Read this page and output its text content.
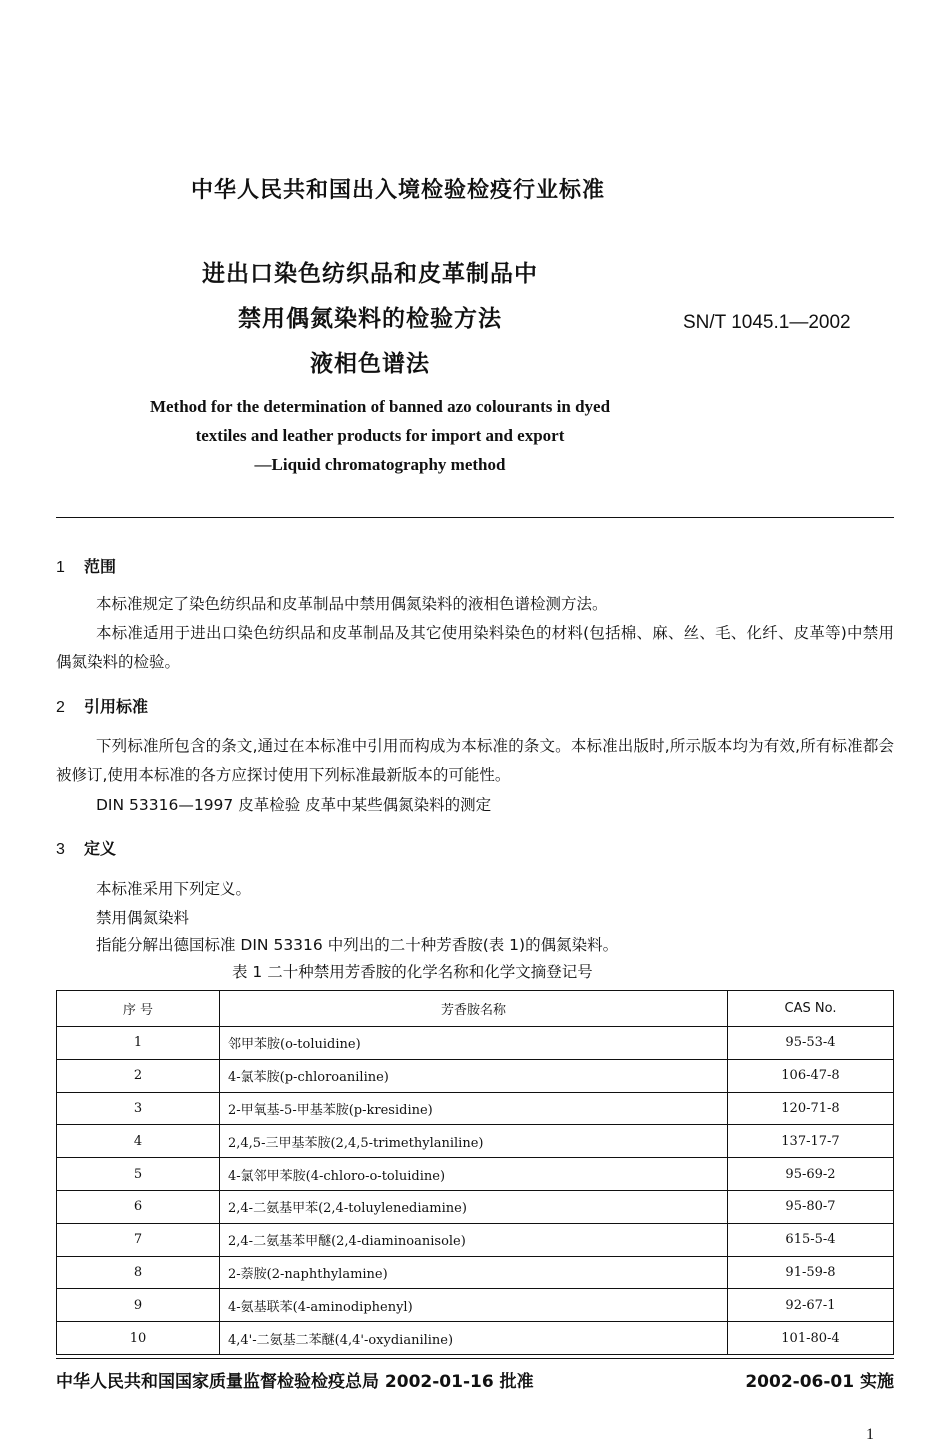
中华人民共和国出入境检验检疫行业标准
进出口染色纺织品和皮革制品中
禁用偶氮染料的检验方法
液相色谱法
SN/T 1045.1—2002
Method for the determination of banned azo colourants in dyed
textiles and leather products for import and export
—Liquid chromatography method
1 范围
本标准规定了染色纺织品和皮革制品中禁用偶氮染料的液相色谱检测方法。
本标准适用于进出口染色纺织品和皮革制品及其它使用染料染色的材料(包括棉、麻、丝、毛、化纤、皮革等)中禁用偶氮染料的检验。
2 引用标准
下列标准所包含的条文,通过在本标准中引用而构成为本标准的条文。本标准出版时,所示版本均为有效,所有标准都会被修订,使用本标准的各方应探讨使用下列标准最新版本的可能性。
DIN 53316—1997 皮革检验 皮革中某些偶氮染料的测定
3 定义
本标准采用下列定义。
禁用偶氮染料
指能分解出德国标准 DIN 53316 中列出的二十种芳香胺(表 1)的偶氮染料。
表 1 二十种禁用芳香胺的化学名称和化学文摘登记号
序 号	芳香胺名称	CAS No.
1	邻甲苯胺(o-toluidine)	95-53-4
2	4-氯苯胺(p-chloroaniline)	106-47-8
3	2-甲氧基-5-甲基苯胺(p-kresidine)	120-71-8
4	2,4,5-三甲基苯胺(2,4,5-trimethylaniline)	137-17-7
5	4-氯邻甲苯胺(4-chloro-o-toluidine)	95-69-2
6	2,4-二氨基甲苯(2,4-toluylenediamine)	95-80-7
7	2,4-二氨基苯甲醚(2,4-diaminoanisole)	615-5-4
8	2-萘胺(2-naphthylamine)	91-59-8
9	4-氨基联苯(4-aminodiphenyl)	92-67-1
10	4,4'-二氨基二苯醚(4,4'-oxydianiline)	101-80-4
中华人民共和国国家质量监督检验检疫总局 2002-01-16 批准	2002-06-01 实施
1
